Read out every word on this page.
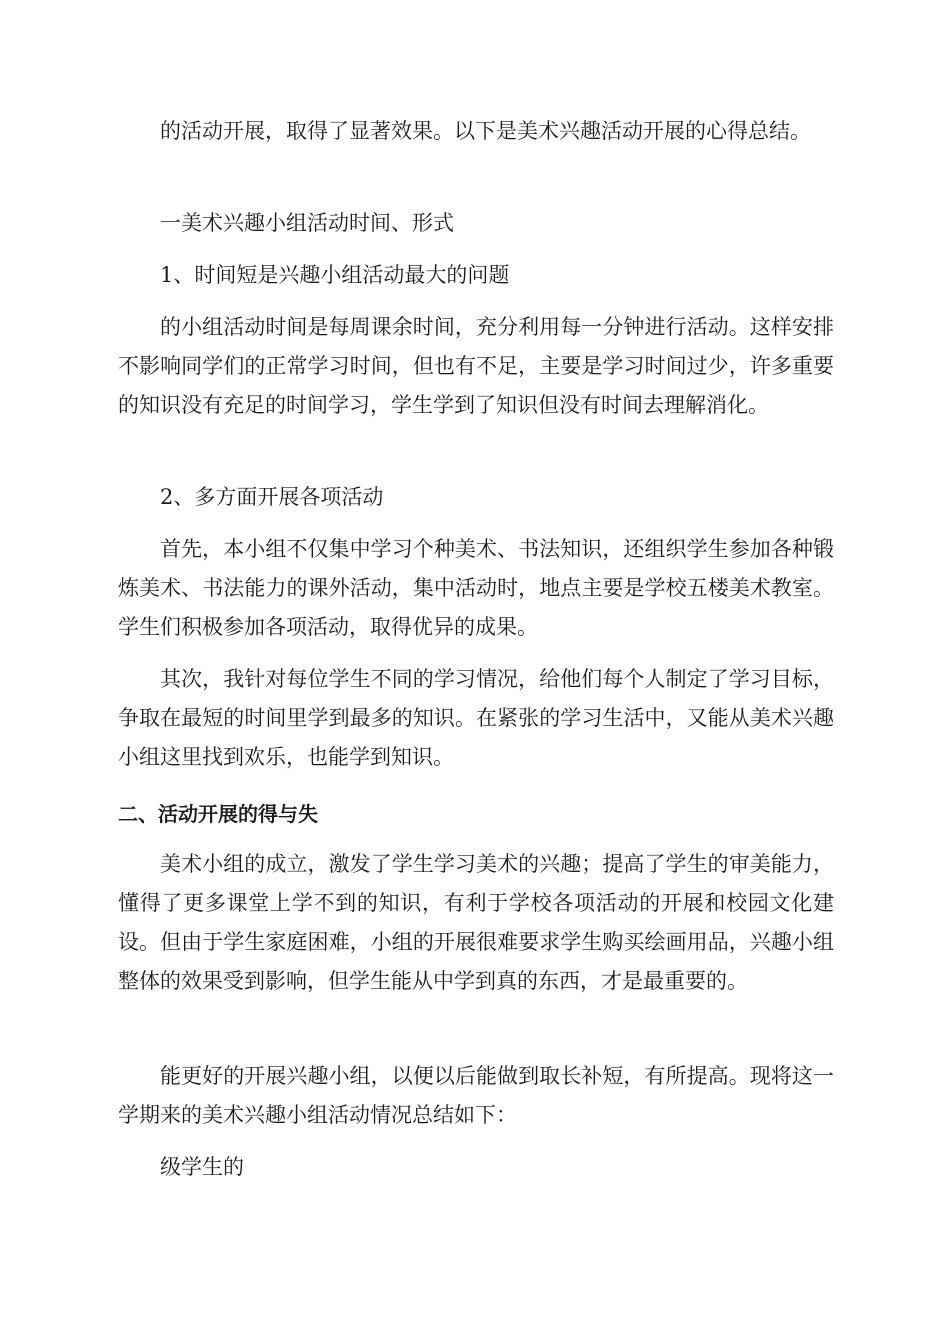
的活动开展，取得了显著效果。以下是美术兴趣活动开展的心得总结。

一美术兴趣小组活动时间、形式

1、时间短是兴趣小组活动最大的问题

的小组活动时间是每周课余时间，充分利用每一分钟进行活动。这样安排不影响同学们的正常学习时间，但也有不足，主要是学习时间过少，许多重要的知识没有充足的时间学习，学生学到了知识但没有时间去理解消化。

2、多方面开展各项活动

首先，本小组不仅集中学习个种美术、书法知识，还组织学生参加各种锻炼美术、书法能力的课外活动，集中活动时，地点主要是学校五楼美术教室。学生们积极参加各项活动，取得优异的成果。

其次，我针对每位学生不同的学习情况，给他们每个人制定了学习目标，争取在最短的时间里学到最多的知识。在紧张的学习生活中，又能从美术兴趣小组这里找到欢乐，也能学到知识。

二、活动开展的得与失

美术小组的成立，激发了学生学习美术的兴趣；提高了学生的审美能力，懂得了更多课堂上学不到的知识，有利于学校各项活动的开展和校园文化建设。但由于学生家庭困难，小组的开展很难要求学生购买绘画用品，兴趣小组整体的效果受到影响，但学生能从中学到真的东西，才是最重要的。

能更好的开展兴趣小组，以便以后能做到取长补短，有所提高。现将这一学期来的美术兴趣小组活动情况总结如下：

级学生的
